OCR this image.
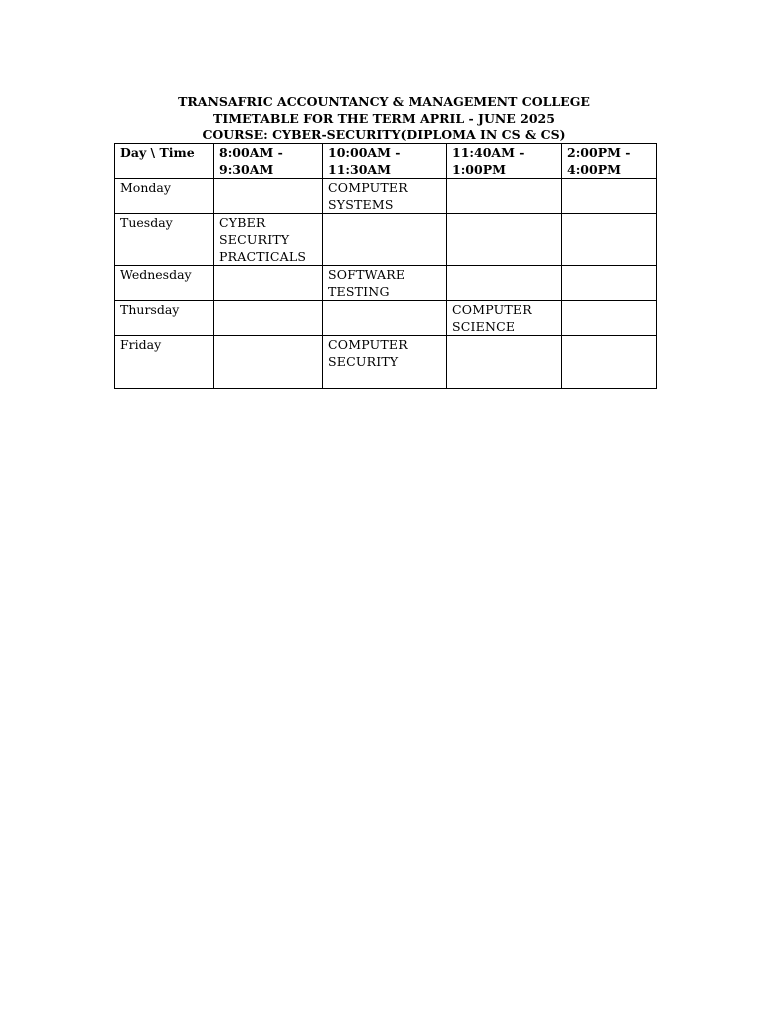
TRANSAFRIC ACCOUNTANCY & MANAGEMENT COLLEGE
TIMETABLE FOR THE TERM APRIL - JUNE 2025
COURSE: CYBER-SECURITY(DIPLOMA IN CS & CS)
Day \ Time	8:00AM - 9:30AM	10:00AM - 11:30AM	11:40AM - 1:00PM	2:00PM - 4:00PM
Monday		COMPUTER SYSTEMS		
Tuesday	CYBER SECURITY PRACTICALS			
Wednesday		SOFTWARE TESTING		
Thursday			COMPUTER SCIENCE	
Friday		COMPUTER SECURITY		
